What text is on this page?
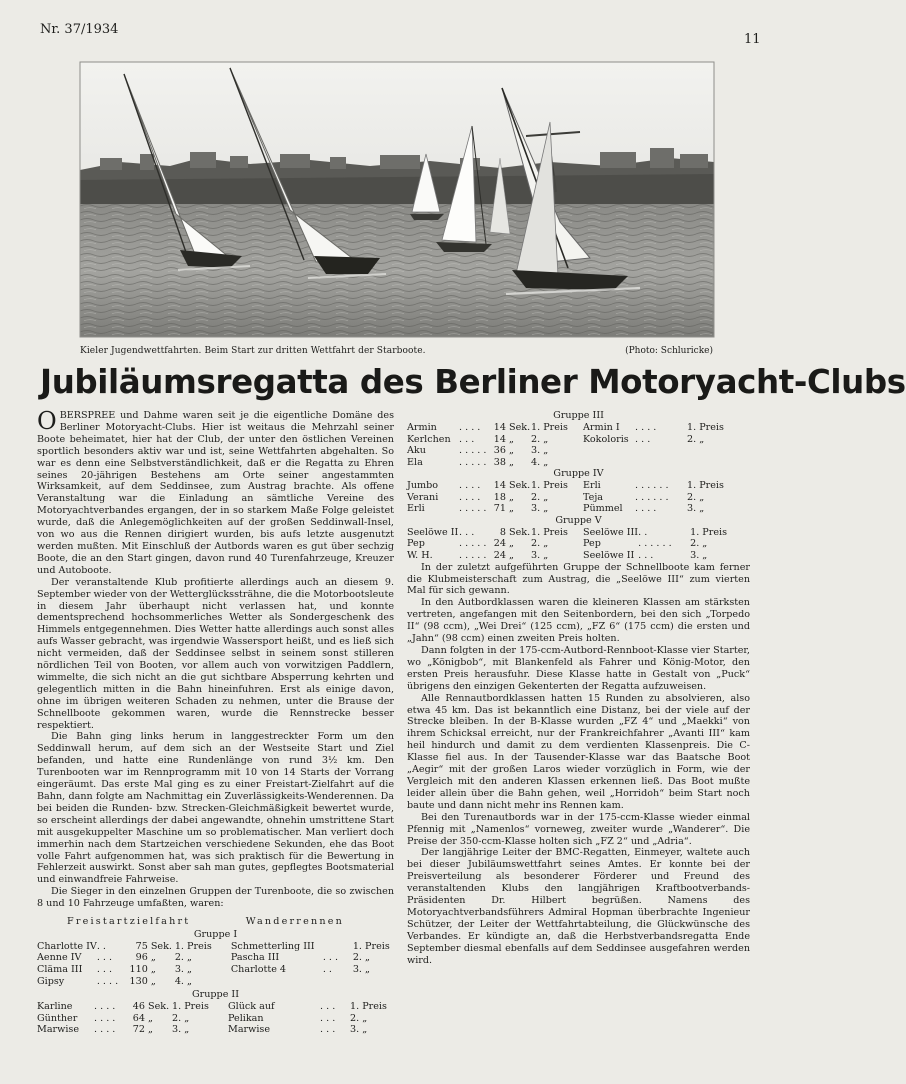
Nr. 37/1934
11
Kieler Jugendwettfahrten. Beim Start zur dritten Wettfahrt der Starboote.	(Photo: Schluricke)
Jubiläumsregatta des Berliner Motoryacht-Clubs

OBERSPREE und Dahme waren seit je die eigentliche Domäne des Berliner Motoryacht-Clubs. Hier ist weitaus die Mehrzahl seiner Boote beheimatet, hier hat der Club, der unter den östlichen Vereinen sportlich besonders aktiv war und ist, seine Wettfahrten abgehalten. So war es denn eine Selbstverständlichkeit, daß er die Regatta zu Ehren seines 20-jährigen Bestehens am Orte seiner angestammten Wirksamkeit, auf dem Seddinsee, zum Austrag brachte. Als offene Veranstaltung war die Einladung an sämtliche Vereine des Motoryachtverbandes ergangen, der in so starkem Maße Folge geleistet wurde, daß die Anlegemöglichkeiten auf der großen Seddinwall-Insel, von wo aus die Rennen dirigiert wurden, bis aufs letzte ausgenutzt werden mußten. Mit Einschluß der Autbords waren es gut über sechzig Boote, die an den Start gingen, davon rund 40 Turenfahrzeuge, Kreuzer und Autoboote.

Der veranstaltende Klub profitierte allerdings auch an diesem 9. September wieder von der Wetterglückssträhne, die die Motorbootsleute in diesem Jahr überhaupt nicht verlassen hat, und konnte dementsprechend hochsommerliches Wetter als Sondergeschenk des Himmels entgegennehmen. Dies Wetter hatte allerdings auch sonst alles aufs Wasser gebracht, was irgendwie Wassersport heißt, und es ließ sich nicht vermeiden, daß der Seddinsee selbst in seinem sonst stilleren nördlichen Teil von Booten, vor allem auch von vorwitzigen Paddlern, wimmelte, die sich nicht an die gut sichtbare Absperrung kehrten und gelegentlich mitten in die Bahn hineinfuhren. Erst als einige davon, ohne im übrigen weiteren Schaden zu nehmen, unter die Brause der Schnellboote gekommen waren, wurde die Rennstrecke besser respektiert.

Die Bahn ging links herum in langgestreckter Form um den Seddinwall herum, auf dem sich an der Westseite Start und Ziel befanden, und hatte eine Rundenlänge von rund 3½ km. Den Turenbooten war im Rennprogramm mit 10 von 14 Starts der Vorrang eingeräumt. Das erste Mal ging es zu einer Freistart-Zielfahrt auf die Bahn, dann folgte am Nachmittag ein Zuverlässigkeits-Wenderennen. Da bei beiden die Runden- bzw. Strecken-Gleichmäßigkeit bewertet wurde, so erscheint allerdings der dabei angewandte, ohnehin umstrittene Start mit ausgekuppelter Maschine um so problematischer. Man verliert doch immerhin nach dem Startzeichen verschiedene Sekunden, ehe das Boot volle Fahrt aufgenommen hat, was sich praktisch für die Bewertung in Fehlerzeit auswirkt. Sonst aber sah man gutes, gepflegtes Bootsmaterial und einwandfreie Fahrweise.

Die Sieger in den einzelnen Gruppen der Turenboote, die so zwischen 8 und 10 Fahrzeuge umfaßten, waren:

Freistartzielfahrt	Wanderrennen
Gruppe I
Charlotte IV	. .	75	Sek.	1. Preis	Schmetterling III		1. Preis
Aenne IV	. . .	96	„	2. „	Pascha III	. . .	2. „
Cläma III	. . .	110	„	3. „	Charlotte 4	. .	3. „
Gipsy	. . . .	130	„	4. „			
Gruppe II
Karline	. . . .	46	Sek.	1. Preis	Glück auf	. . .	1. Preis
Günther	. . . .	64	„	2. „	Pelikan	. . .	2. „
Marwise	. . . .	72	„	3. „	Marwise	. . .	3. „
Gruppe III
Armin	. . . .	14	Sek.	1. Preis	Armin I	. . . .	1. Preis
Kerlchen	. . .	14	„	2. „	Kokoloris	. . .	2. „
Aku	. . . . .	36	„	3. „			
Ela	. . . . .	38	„	4. „			
Gruppe IV
Jumbo	. . . .	14	Sek.	1. Preis	Erli	. . . . . .	1. Preis
Verani	. . . .	18	„	2. „	Teja	. . . . . .	2. „
Erli	. . . . .	71	„	3. „	Pümmel	. . . .	3. „
Gruppe V
Seelöwe II	. . .	8	Sek.	1. Preis	Seelöwe III	. .	1. Preis
Pep	. . . . .	24	„	2. „	Pep	. . . . . .	2. „
W. H.	. . . . .	24	„	3. „	Seelöwe II	. . .	3. „

In der zuletzt aufgeführten Gruppe der Schnellboote kam ferner die Klubmeisterschaft zum Austrag, die „Seelöwe III“ zum vierten Mal für sich gewann.

In den Autbordklassen waren die kleineren Klassen am stärksten vertreten, angefangen mit den Seitenbordern, bei den sich „Torpedo II“ (98 ccm), „Wei Drei“ (125 ccm), „FZ 6“ (175 ccm) die ersten und „Jahn“ (98 ccm) einen zweiten Preis holten.

Dann folgten in der 175-ccm-Autbord-Rennboot-Klasse vier Starter, wo „Königbob“, mit Blankenfeld als Fahrer und König-Motor, den ersten Preis herausfuhr. Diese Klasse hatte in Gestalt von „Puck“ übrigens den einzigen Gekenterten der Regatta aufzuweisen.

Alle Rennautbordklassen hatten 15 Runden zu absolvieren, also etwa 45 km. Das ist bekanntlich eine Distanz, bei der viele auf der Strecke bleiben. In der B-Klasse wurden „FZ 4“ und „Maekki“ von ihrem Schicksal erreicht, nur der Frankreichfahrer „Avanti III“ kam heil hindurch und damit zu dem verdienten Klassenpreis. Die C-Klasse fiel aus. In der Tausender-Klasse war das Baatsche Boot „Aegir“ mit der großen Laros wieder vorzüglich in Form, wie der Vergleich mit den anderen Klassen erkennen ließ. Das Boot mußte leider allein über die Bahn gehen, weil „Horridoh“ beim Start noch baute und dann nicht mehr ins Rennen kam.

Bei den Turenautbords war in der 175-ccm-Klasse wieder einmal Pfennig mit „Namenlos“ vorneweg, zweiter wurde „Wanderer“. Die Preise der 350-ccm-Klasse holten sich „FZ 2“ und „Adria“.

Der langjährige Leiter der BMC-Regatten, Einmeyer, waltete auch bei dieser Jubiläumswettfahrt seines Amtes. Er konnte bei der Preisverteilung als besonderer Förderer und Freund des veranstaltenden Klubs den langjährigen Kraftbootverbands-Präsidenten Dr. Hilbert begrüßen. Namens des Motoryachtverbandsführers Admiral Hopman überbrachte Ingenieur Schützer, der Leiter der Wettfahrtabteilung, die Glückwünsche des Verbandes. Er kündigte an, daß die Herbstverbandsregatta Ende September diesmal ebenfalls auf dem Seddinsee ausgefahren werden wird.
